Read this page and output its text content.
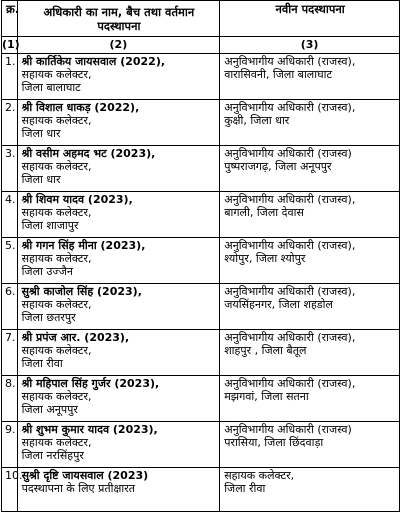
क्र.	अधिकारी का नाम, बैच तथा वर्तमान पदस्थापना	नवीन पदस्थापना
(1)	(2)	(3)
1.	श्री कार्तिकेय जायसवाल (2022),
सहायक कलेक्टर,
जिला बालाघाट	अनुविभागीय अधिकारी (राजस्व),
वारासिवनी, जिला बालाघाट

2.	श्री विशाल धाकड़ (2022),
सहायक कलेक्टर,
जिला धार	अनुविभागीय अधिकारी (राजस्व),
कुक्षी, जिला धार

3.	श्री वसीम अहमद भट (2023),
सहायक कलेक्टर,
जिला धार	अनुविभागीय अधिकारी (राजस्व)
पुष्पराजगढ़, जिला अनूपपुर

4.	श्री शिवम यादव (2023),
सहायक कलेक्टर,
जिला शाजापुर	अनुविभागीय अधिकारी (राजस्व),
बागली, जिला देवास

5.	श्री गगन सिंह मीना (2023),
सहायक कलेक्टर,
जिला उज्जैन	अनुविभागीय अधिकारी (राजस्व),
श्योपुर, जिला श्योपुर

6.	सुश्री काजोल सिंह (2023),
सहायक कलेक्टर,
जिला छतरपुर	अनुविभागीय अधिकारी (राजस्व),
जयसिंहनगर, जिला शहडोल

7.	श्री प्रपंज आर. (2023),
सहायक कलेक्टर,
जिला रीवा	अनुविभागीय अधिकारी (राजस्व),
शाहपुर , जिला बैतूल

8.	श्री महिपाल सिंह गुर्जर (2023),
सहायक कलेक्टर,
जिला अनूपपुर	अनुविभागीय अधिकारी (राजस्व),
मझगवां, जिला सतना

9.	श्री शुभम कुमार यादव (2023),
सहायक कलेक्टर,
जिला नरसिंहपुर	अनुविभागीय अधिकारी (राजस्व)
परासिया, जिला छिंदवाड़ा

10.	सुश्री दृष्टि जायसवाल (2023)
पदस्थापना के लिए प्रतीक्षारत	सहायक कलेक्टर,
जिला रीवा
